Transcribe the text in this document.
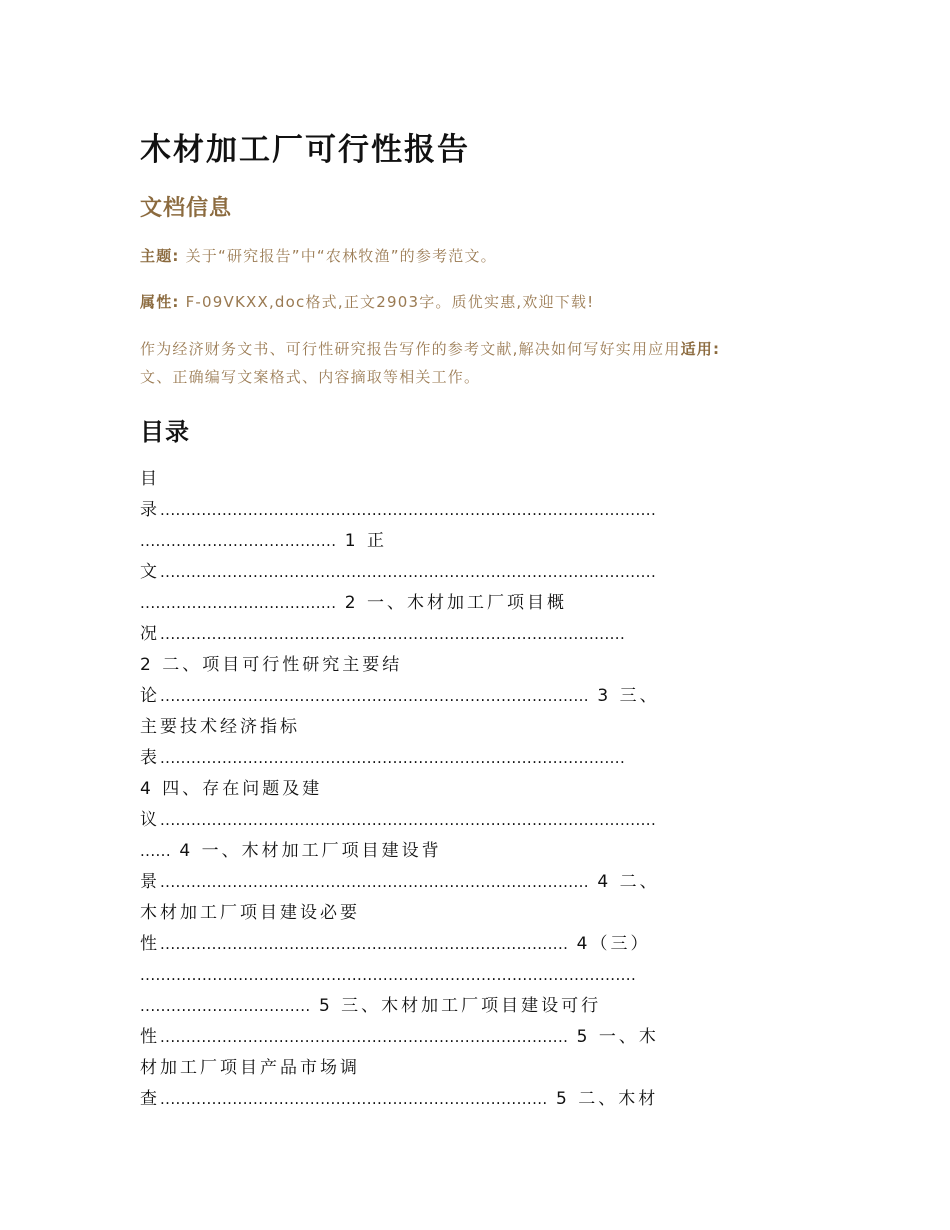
木材加工厂可行性报告
文档信息

主题: 关于“研究报告”中“农林牧渔”的参考范文。

属性: F-09VKXX,doc格式,正文2903字。质优实惠,欢迎下载!

作为经济财务文书、可行性研究报告写作的参考文献,解决如何写好实用应用适用:
文、正确编写文案格式、内容摘取等相关工作。

目录
目
录................................................................................................
...................................... 1 正
文................................................................................................
...................................... 2 一、木材加工厂项目概
况..........................................................................................
2 二、项目可行性研究主要结
论................................................................................... 3 三、
主要技术经济指标
表..........................................................................................
4 四、存在问题及建
议................................................................................................
...... 4 一、木材加工厂项目建设背
景................................................................................... 4 二、
木材加工厂项目建设必要
性............................................................................... 4（三）
................................................................................................
................................. 5 三、木材加工厂项目建设可行
性............................................................................... 5 一、木
材加工厂项目产品市场调
查........................................................................... 5 二、木材
